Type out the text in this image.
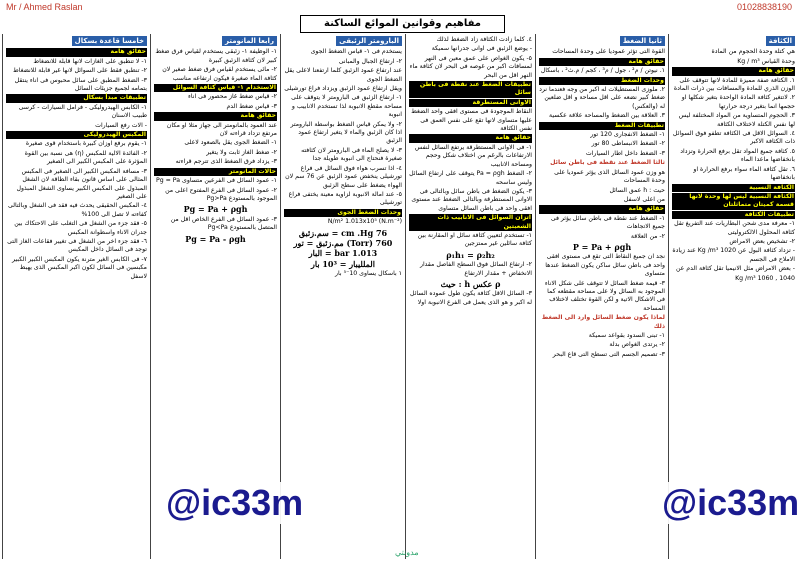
Mr / Ahmed Raslan	01028838190
مفاهيم وقوانين الموائع الساكنة
الكثافة
هي كتلة وحدة الحجوم من المادة
وحدة القياس Kg / m³
حقائق هامة
١. الكثافة صفة مميزة للمادة لانها تتوقف على الوزن الذري للمادة والمسافات بين ذرات المادة
٢. لاتتغير كثافة المادة الواحدة بتغير شكلها او حجمها انما بتغير درجة حرارتها
٣. الحجوم المتساوية من المواد المختلفة ليس لها نفس الكتلة لاختلاف الكثافة
٤. السوائل الاقل فى الكثافة تطفو فوق السوائل ذات الكثافة الاكبر
٥. كثافة جميع المواد تقل برفع الحرارة وتزداد بانخفاضها ماعدا الماء
٦. تقل كثافة الماء سواء برفع الحرارة او بانخفاضها
الكثافة النسبية
الكثافة النسبية ليس لها وحدة لانها قسمة كميتان متماثلتان
تطبيقات الكثافة
١- معرفة مدى شحن البطاريات عند التفريغ تقل كثافة المحلول الالكتروليتى
٢- تشخيص بعض الامراض
- تزداد كثافة البول عن 1020 Kg /m³ عند زيادة الاملاح فى الجسم
- بعض الامراض مثل الانيميا تقل كثافة الدم عن
1040 , 1060 Kg /m³
ثانيا الضغط
القوة التى تؤثر عموديا على وحدة المساحات
حقائق هامة
١. نيوتن / م² ، جول / م³ ، كجم / م.ث² ، باسكال
وحدات الضغط
٢. ملوزى المستطيلات له اكبر من وجه فعندما نرد ضغط كبير نضعه على اقل مساحة و اقل ضلعين له (والعكس)
٣. العلاقة بين الضغط والمساحة علاقة عكسية
تطبيقات الضغط
١- الضغط الانفجارى 120 تور
٢- الضغط الانبساطى 80 تور
٣- الضغط داخل اطار السيارات
ثالثا الضغط عند نقطة فى باطن سائل
هو وزن عمود السائل الذى يؤثر عموديا على وحدة المساحات
حيث : h عمق السائل
من اعلى لاسفل
حقائق هامة
١- الضغط عند نقطة فى باطن سائل يؤثر فى جميع الاتجاهات
٢- من العلاقة
P = Pa + ρgh
نجد ان جميع النقاط التى تقع فى مستوى افقى واحد فى باطن سائل ساكن يكون الضغط عندها متساوى
٣- قيمة ضغط السائل لا تتوقف على شكل الاناء الموجود به السائل ولا على مساحة مقطعه كما فى الاشكال الاتية و لكن القوة تختلف لاختلاف المساحة
لماذا يكون ضغط السائل وارد الى الضغط ذلك
١- تبنى السدود بقواعد سميكة
٢- يرتدى الغواص بدلة
٣- تصميم الجسم التى تسطح التى قاع البحر
٤. كلما زادت الكثافة زاد الضغط لذلك
- يوضع الزئبق فى اوانى جدرانها سميكة
٥- يكون الغواص على عمق معين فى النهر لمسافات اكبر من غوصه فى البحر لان كثافة ماء النهر اقل من البحر
تطبيقات الضغط عند نقطة فى باطن سائل
الاوانى المستطرقة
النقاط الموجودة فى مستوى افقى واحد الضغط عليها متساوى لانها تقع على نفس العمق فى نفس الكثافة
حقائق هامة
١- فى الاوانى المستطرقة يرتفع السائل لنفس الارتفاعات بالرغم من اختلاف شكل وحجم ومساحة الانابيب
٢- الضغط Pa = ρgh يتوقف على ارتفاع السائل وليس ساسحه
٣- يكون الضغط فى باطن سائل وبالتالى فى الاوانى المستطرقة وبالتالى الضغط عند مستوى افقى واحد فى باطن السائل متساوى
اتزان السوائل فى الانابيب ذات الشعبتين
١- تستخدم لتعيين كثافة سائل او المقارنة بين كثافة سائلين غير ممتزجين
ρ₁h₁ = ρ₂h₂
٢- ارتفاع السائل فوق السطح الفاصل مقدار الانخفاض + مقدار الارتفاع
حيث : h عكس ρ
٣- السائل الاقل كثافة يكون طول عموده السائل له اكبر و هو الذى يعمل فى الفرع الانبوبة اولا
البارومتر الزئبقى
يستخدم فى ١- قياس الضغط الجوى
٢- ارتفاع الجبال والمبانى
عند ارتفاع عمود الزئبق كلما ارتفعنا لاعلى يقل الضغط الجوى
ويقل ارتفاع عمود الزئبق ويزداد فراغ تورشيلى
١- ارتفاع الزئبق فى البارومتر لا يتوقف على مساحة مقطع الانبوبة لذا تستخدم الانابيب و انبوبة
٢- ولا يمكن قياس الضغط بواسطة البارومتر اذا كان الزئبق والماء لا يتغير ارتفاع عمود الزئبق
٣- لا يصلح الماء فى البارومتر لان كثافته صغيرة فنحتاج الى انبوبة طويلة جدا
٤- اذا تسرب هواء فوق السائل فى فراغ تورشيلى ينخفض عمود الزئبق عن 76 سم لان الهواء يضغط على سطح الزئبق
٥- عند امالة الانبوبة لزاوية معينة يختفى فراغ تورشيلى
وحدات الضغط الجوى
(N.m⁻²) N/m² 1.013x10⁵
سم.زئبق = cm .Hg 76
مم.زئبق = تور (Torr) 760
البار = bar 1.013
الملليبار = 10³ بار
١ باسكال يساوى 10⁻⁵ بار
رابعا المانومتر
١- الوظيفة ١- زئبقى يستخدم لقياس فرق ضغط كبير لان كثافة الزئبق كبيرة
٢- مائى يستخدم لقياس فرق ضغط صغير لان كثافة الماء صغيرة فيكون ارتفاعه مناسب
الاستخدام ١- قياس كثافة السوائل
٢- قياس ضغط غاز محصور فى اناء
٣- قياس ضغط الدم
حقائق هامة
عند العمود بالمانومتر الى جهاز مثلا او مكان مرتفع تزداد قراءته لان
١- الضغط الجوى يقل بالصعود لاعلى
٢- ضغط الغاز ثابت ولا يتغير
٣- يزداد فرق الضغط الذى تترجم قراءته
حالات المانومتر
١- عمود السائل فى الفرعين متساوى Pg = Pa
٢- عمود السائل فى الفرع المفتوح اعلى من الموجود بالمستودع Pg>Pa
Pg = Pa + ρgh
٣- عمود السائل فى الفرع الخاص اقل من المتصل بالمستودع Pg<Pa
Pg = Pa - ρgh
خامسا قاعدة بسكال
حقائق هامة
١- لا تنطبق على الغازات لانها قابلة للانضغاط
٢- تنطبق فقط على السوائل لانها غير قابلة للانضغاط
٣- الضغط المطبق على سائل محبوس فى اناء ينتقل بتمامه لجميع جزيئات السائل
تطبيقات مبدأ بسكال
١- الكابس الهيدروليكى - فرامل السيارات - كرسى طبيب الاسنان
- الات رفع السيارات
المكبس الهيدروليكى
١- يقوم برفع اوزان كبيرة باستخدام قوى صغيرة
٢- الفائدة الالية للمكبس (η) هى نسبة بين القوة المؤثرة على المكبس الكبير الى الصغير
٣- مسافة المكبس الكبير الى الصغير فى المكبس المثالى على اساس قانون بقاء الطاقة لان الشغل المبذول على المكبس الكبير يساوى الشغل المبذول على الصغير
٤- المكبس الحقيقى يحدث فيه فقد فى الشغل وبالتالى كفاءته لا تصل الى 100%
٥- فقد جزء من الشغل فى التغلب على الاحتكاك بين جدران الاناء واسطوانة المكبس
٦- فقد جزء اخر من الشغل فى تغيير فقاعات الغاز التى توجد فى السائل داخل المكبس
٧- فى الكابس الغير مترنة يكون المكبس الكبير الكبير مكبسين فى السائل لكون اكبر المكبس الذى يهبط لاسفل
@ic33m	@ic33m
مدونتي
